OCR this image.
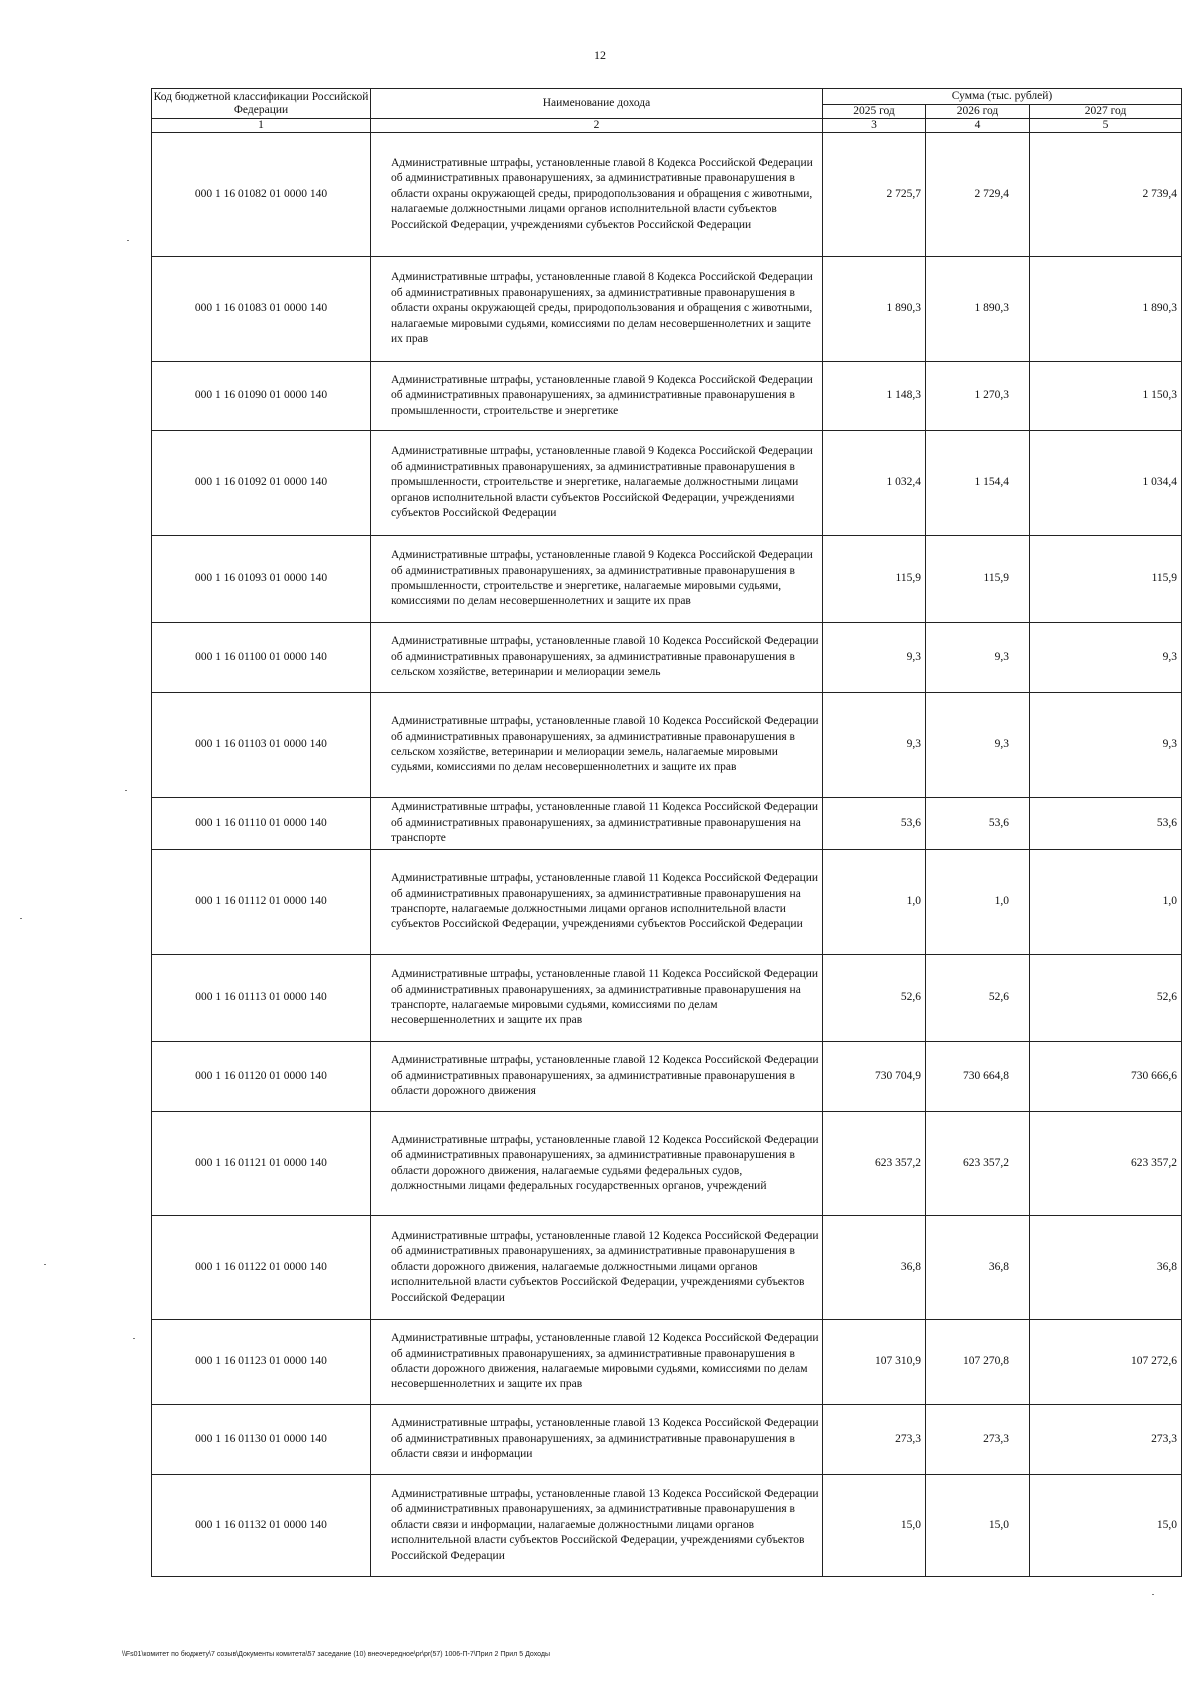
12
Код бюджетной классификации Российской Федерации	Наименование дохода	Сумма (тыс. рублей)		
		2025 год	2026 год	2027 год
1	2	3	4	5
000 1 16 01082 01 0000 140	Административные штрафы, установленные главой 8 Кодекса Российской Федерации об административных правонарушениях, за административные правонарушения в области охраны окружающей среды, природопользования и обращения с животными, налагаемые должностными лицами органов исполнительной власти субъектов Российской Федерации, учреждениями субъектов Российской Федерации	2 725,7	2 729,4	2 739,4
000 1 16 01083 01 0000 140	Административные штрафы, установленные главой 8 Кодекса Российской Федерации об административных правонарушениях, за административные правонарушения в области охраны окружающей среды, природопользования и обращения с животными, налагаемые мировыми судьями, комиссиями по делам несовершеннолетних и защите их прав	1 890,3	1 890,3	1 890,3
000 1 16 01090 01 0000 140	Административные штрафы, установленные главой 9 Кодекса Российской Федерации об административных правонарушениях, за административные правонарушения в промышленности, строительстве и энергетике	1 148,3	1 270,3	1 150,3
000 1 16 01092 01 0000 140	Административные штрафы, установленные главой 9 Кодекса Российской Федерации об административных правонарушениях, за административные правонарушения в промышленности, строительстве и энергетике, налагаемые должностными лицами органов исполнительной власти субъектов Российской Федерации, учреждениями субъектов Российской Федерации	1 032,4	1 154,4	1 034,4
000 1 16 01093 01 0000 140	Административные штрафы, установленные главой 9 Кодекса Российской Федерации об административных правонарушениях, за административные правонарушения в промышленности, строительстве и энергетике, налагаемые мировыми судьями, комиссиями по делам несовершеннолетних и защите их прав	115,9	115,9	115,9
000 1 16 01100 01 0000 140	Административные штрафы, установленные главой 10 Кодекса Российской Федерации об административных правонарушениях, за административные правонарушения в сельском хозяйстве, ветеринарии и мелиорации земель	9,3	9,3	9,3
000 1 16 01103 01 0000 140	Административные штрафы, установленные главой 10 Кодекса Российской Федерации об административных правонарушениях, за административные правонарушения в сельском хозяйстве, ветеринарии и мелиорации земель, налагаемые мировыми судьями, комиссиями по делам несовершеннолетних и защите их прав	9,3	9,3	9,3
000 1 16 01110 01 0000 140	Административные штрафы, установленные главой 11 Кодекса Российской Федерации об административных правонарушениях, за административные правонарушения на транспорте	53,6	53,6	53,6
000 1 16 01112 01 0000 140	Административные штрафы, установленные главой 11 Кодекса Российской Федерации об административных правонарушениях, за административные правонарушения на транспорте, налагаемые должностными лицами органов исполнительной власти субъектов Российской Федерации, учреждениями субъектов Российской Федерации	1,0	1,0	1,0
000 1 16 01113 01 0000 140	Административные штрафы, установленные главой 11 Кодекса Российской Федерации об административных правонарушениях, за административные правонарушения на транспорте, налагаемые мировыми судьями, комиссиями по делам несовершеннолетних и защите их прав	52,6	52,6	52,6
000 1 16 01120 01 0000 140	Административные штрафы, установленные главой 12 Кодекса Российской Федерации об административных правонарушениях, за административные правонарушения в области дорожного движения	730 704,9	730 664,8	730 666,6
000 1 16 01121 01 0000 140	Административные штрафы, установленные главой 12 Кодекса Российской Федерации об административных правонарушениях, за административные правонарушения в области дорожного движения, налагаемые судьями федеральных судов, должностными лицами федеральных государственных органов, учреждений	623 357,2	623 357,2	623 357,2
000 1 16 01122 01 0000 140	Административные штрафы, установленные главой 12 Кодекса Российской Федерации об административных правонарушениях, за административные правонарушения в области дорожного движения, налагаемые должностными лицами органов исполнительной власти субъектов Российской Федерации, учреждениями субъектов Российской Федерации	36,8	36,8	36,8
000 1 16 01123 01 0000 140	Административные штрафы, установленные главой 12 Кодекса Российской Федерации об административных правонарушениях, за административные правонарушения в области дорожного движения, налагаемые мировыми судьями, комиссиями по делам несовершеннолетних и защите их прав	107 310,9	107 270,8	107 272,6
000 1 16 01130 01 0000 140	Административные штрафы, установленные главой 13 Кодекса Российской Федерации об административных правонарушениях, за административные правонарушения в области связи и информации	273,3	273,3	273,3
000 1 16 01132 01 0000 140	Административные штрафы, установленные главой 13 Кодекса Российской Федерации об административных правонарушениях, за административные правонарушения в области связи и информации, налагаемые должностными лицами органов исполнительной власти субъектов Российской Федерации, учреждениями субъектов Российской Федерации	15,0	15,0	15,0
\\Fs01\комитет по бюджету\7 созыв\Документы комитета\57 заседание (10) внеочередное\рr\рr(57) 1006-П-7\Прил 2 Прил 5 Доходы
